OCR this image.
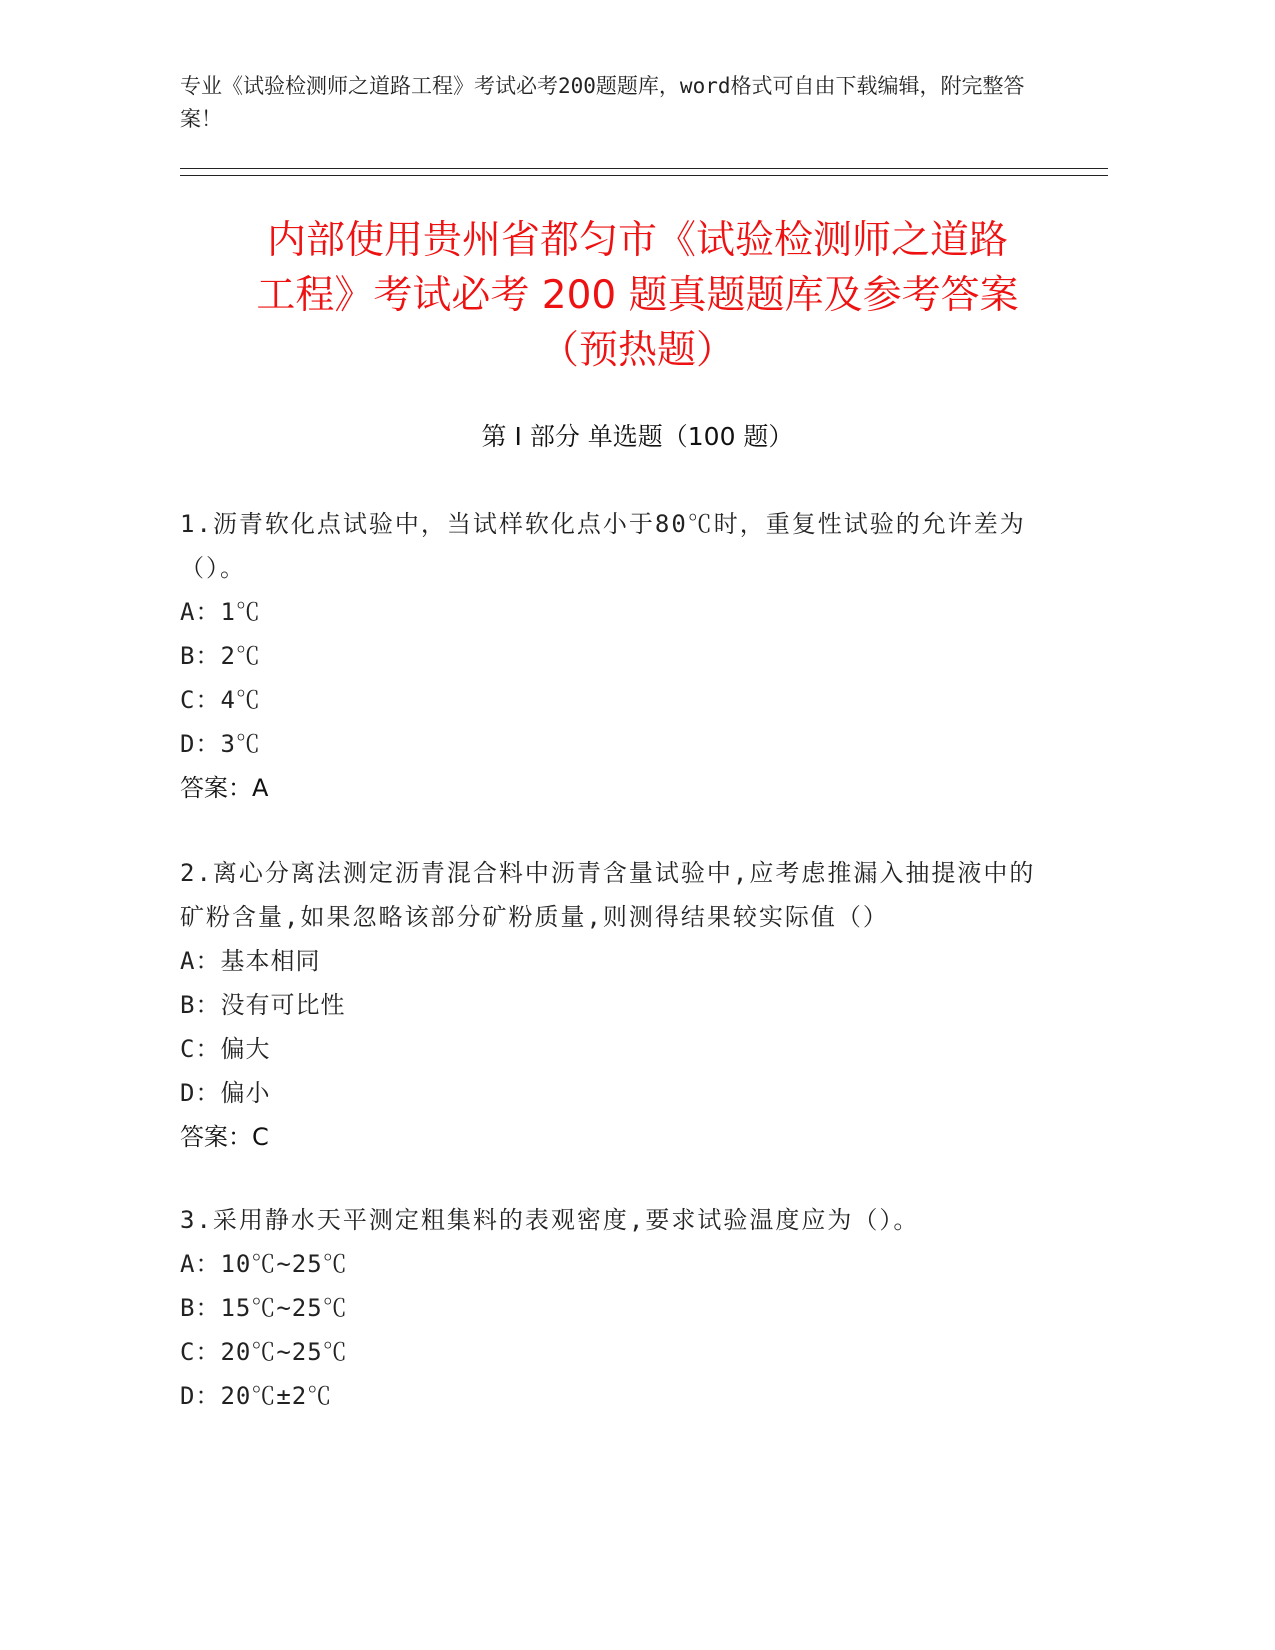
专业《试验检测师之道路工程》考试必考200题题库，word格式可自由下载编辑，附完整答案！
内部使用贵州省都匀市《试验检测师之道路
工程》考试必考 200 题真题题库及参考答案
（预热题）
第 I 部分 单选题（100 题）
1.沥青软化点试验中，当试样软化点小于80℃时，重复性试验的允许差为（）。
A：1℃
B：2℃
C：4℃
D：3℃
答案：A
2.离心分离法测定沥青混合料中沥青含量试验中,应考虑推漏入抽提液中的矿粉含量,如果忽略该部分矿粉质量,则测得结果较实际值（）
A：基本相同
B：没有可比性
C：偏大
D：偏小
答案：C
3.采用静水天平测定粗集料的表观密度,要求试验温度应为（）。
A：10℃~25℃
B：15℃~25℃
C：20℃~25℃
D：20℃±2℃
